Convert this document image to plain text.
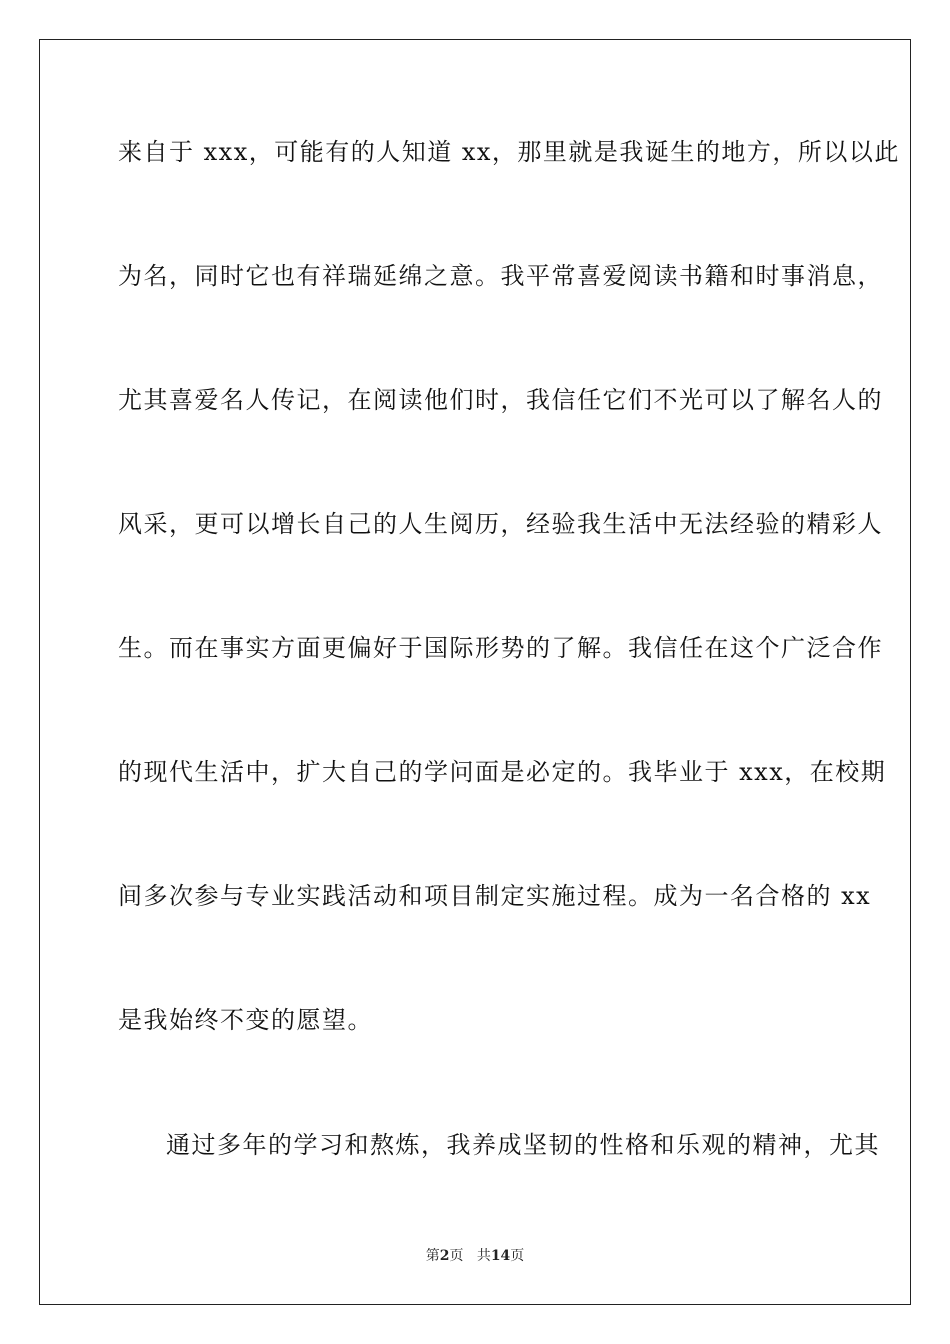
来自于 xxx，可能有的人知道 xx，那里就是我诞生的地方，所以以此
为名，同时它也有祥瑞延绵之意。我平常喜爱阅读书籍和时事消息，
尤其喜爱名人传记，在阅读他们时，我信任它们不光可以了解名人的
风采，更可以增长自己的人生阅历，经验我生活中无法经验的精彩人
生。而在事实方面更偏好于国际形势的了解。我信任在这个广泛合作
的现代生活中，扩大自己的学问面是必定的。我毕业于 xxx，在校期
间多次参与专业实践活动和项目制定实施过程。成为一名合格的 xx
是我始终不变的愿望。
通过多年的学习和熬炼，我养成坚韧的性格和乐观的精神，尤其
第2页 共14页
